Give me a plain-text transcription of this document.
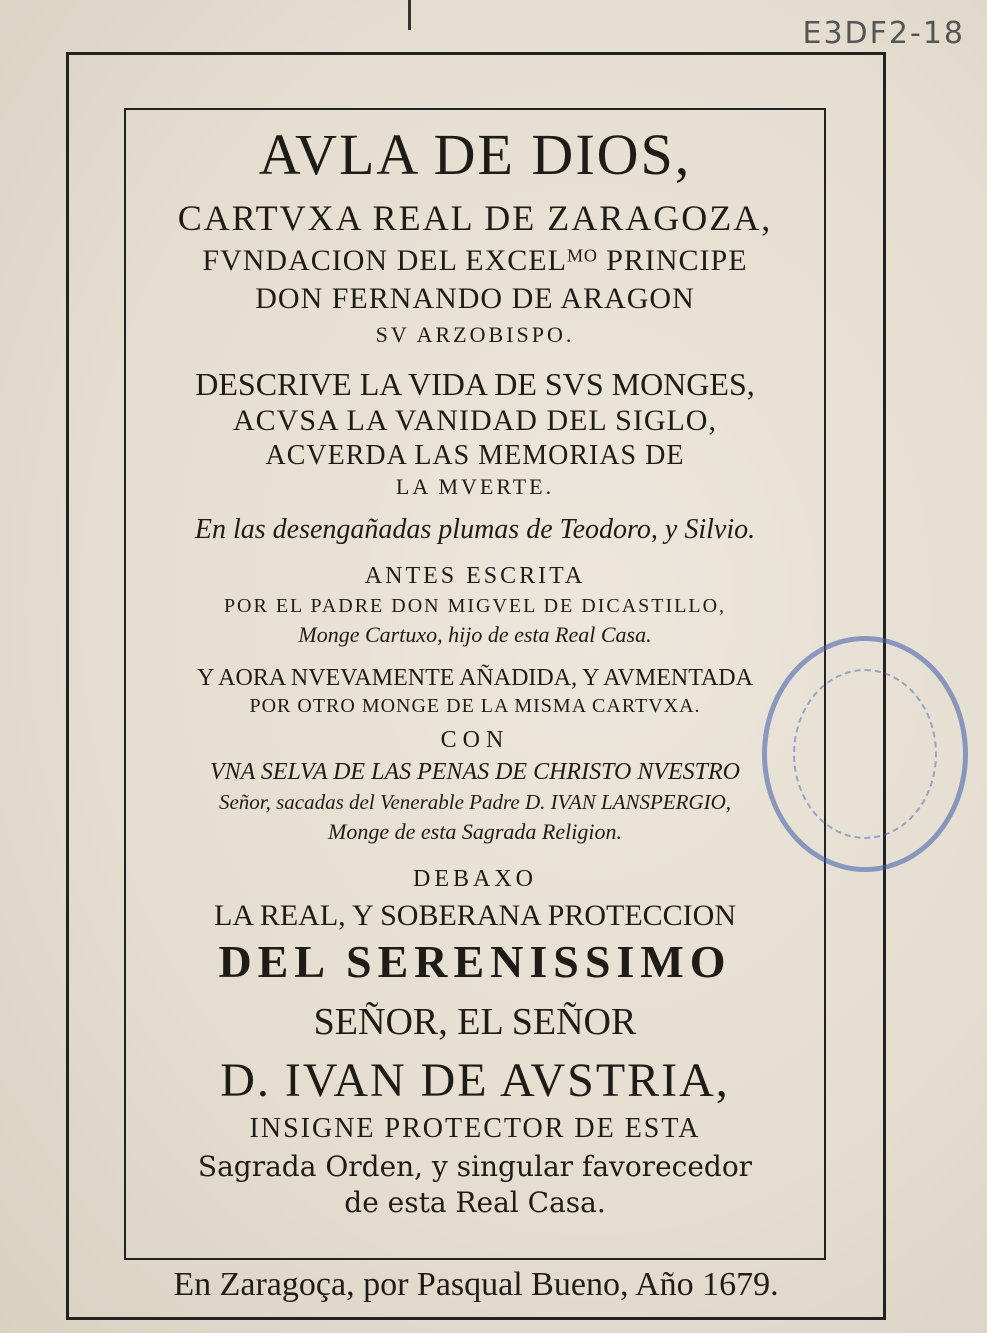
E3DF2-18
AVLA DE DIOS,
CARTVXA REAL DE ZARAGOZA,
FVNDACION DEL EXCELᴹᴼ PRINCIPE
DON FERNANDO DE ARAGON
SV ARZOBISPO.
DESCRIVE LA VIDA DE SVS MONGES,
ACVSA LA VANIDAD DEL SIGLO,
ACVERDA LAS MEMORIAS DE
LA MVERTE.
En las desengañadas plumas de Teodoro, y Silvio.
ANTES ESCRITA
POR EL PADRE DON MIGVEL DE DICASTILLO,
Monge Cartuxo, hijo de esta Real Casa.
Y AORA NVEVAMENTE AÑADIDA, Y AVMENTADA
POR OTRO MONGE DE LA MISMA CARTVXA.
CON
VNA SELVA DE LAS PENAS DE CHRISTO NVESTRO
Señor, sacadas del Venerable Padre D. IVAN LANSPERGIO,
Monge de esta Sagrada Religion.
DEBAXO
LA REAL, Y SOBERANA PROTECCION
DEL SERENISSIMO
SEÑOR, EL SEÑOR
D. IVAN DE AVSTRIA,
INSIGNE PROTECTOR DE ESTA
Sagrada Orden, y singular favorecedor
de esta Real Casa.
En Zaragoça, por Pasqual Bueno, Año 1679.
